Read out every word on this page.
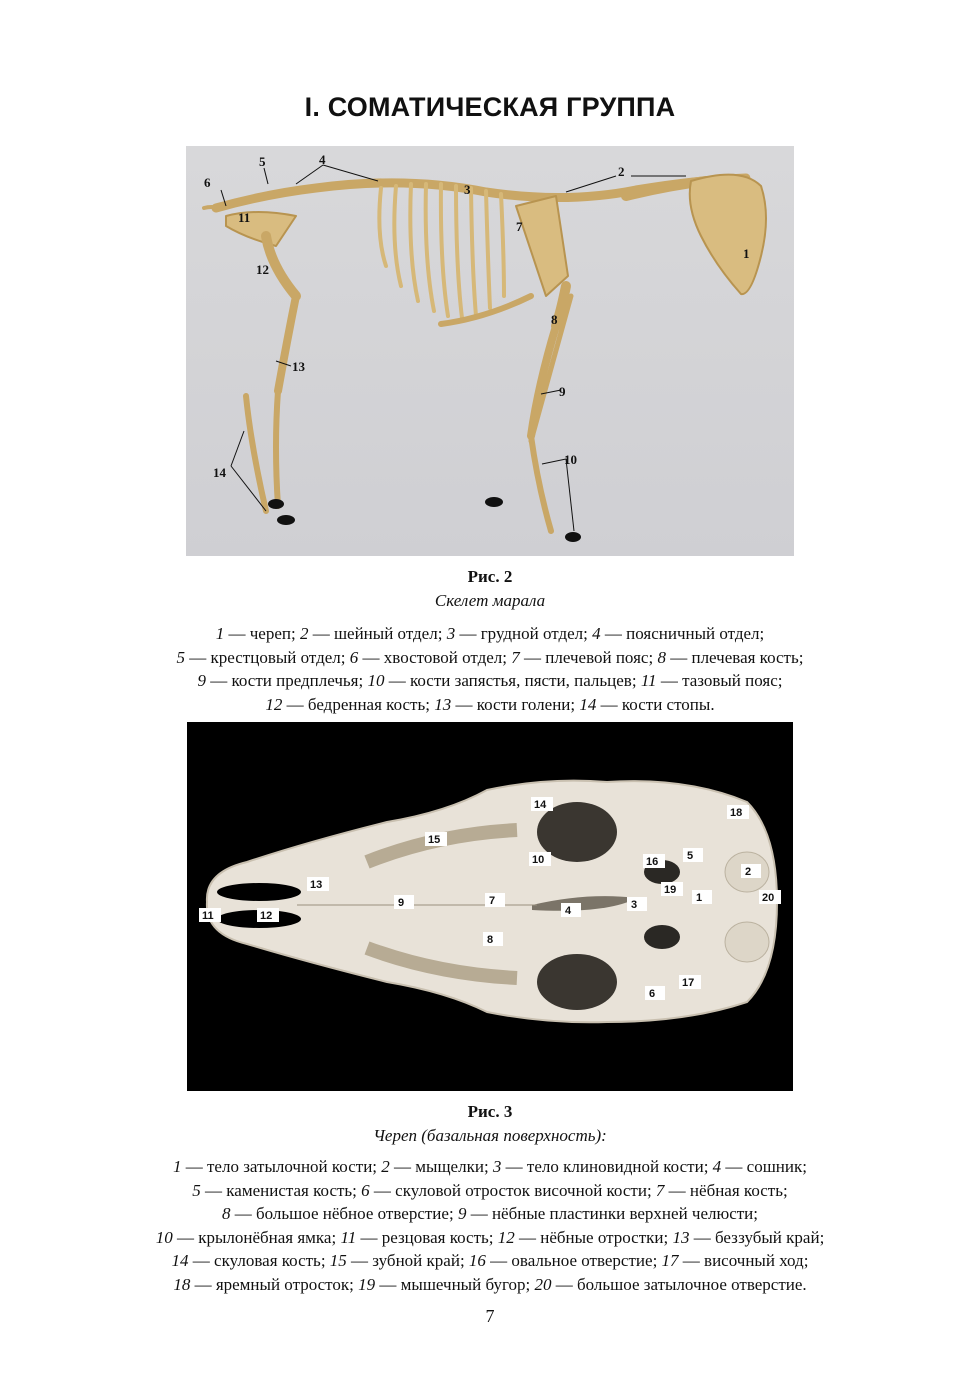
I. СОМАТИЧЕСКАЯ ГРУППА
5	4
6	3
2
7
11
12
1
8
13
9
10
14
Рис. 2
Скелет марала
1 — череп; 2 — шейный отдел; 3 — грудной отдел; 4 — поясничный отдел;
5 — крестцовый отдел; 6 — хвостовой отдел; 7 — плечевой пояс; 8 — плечевая кость;
9 — кости предплечья; 10 — кости запястья, пясти, пальцев; 11 — тазовый пояс;
12 — бедренная кость; 13 — кости голени; 14 — кости стопы.
1
2
3
4
5
6
7
8
9
10
11	12
13
14
15
16
17
18
19
20
Рис. 3
Череп (базальная поверхность):
1 — тело затылочной кости; 2 — мыщелки; 3 — тело клиновидной кости; 4 — сошник;
5 — каменистая кость; 6 — скуловой отросток височной кости; 7 — нёбная кость;
8 — большое нёбное отверстие; 9 — нёбные пластинки верхней челюсти;
10 — крылонёбная ямка; 11 — резцовая кость; 12 — нёбные отростки; 13 — беззубый край;
14 — скуловая кость; 15 — зубной край; 16 — овальное отверстие; 17 — височный ход;
18 — яремный отросток; 19 — мышечный бугор; 20 — большое затылочное отверстие.
7
